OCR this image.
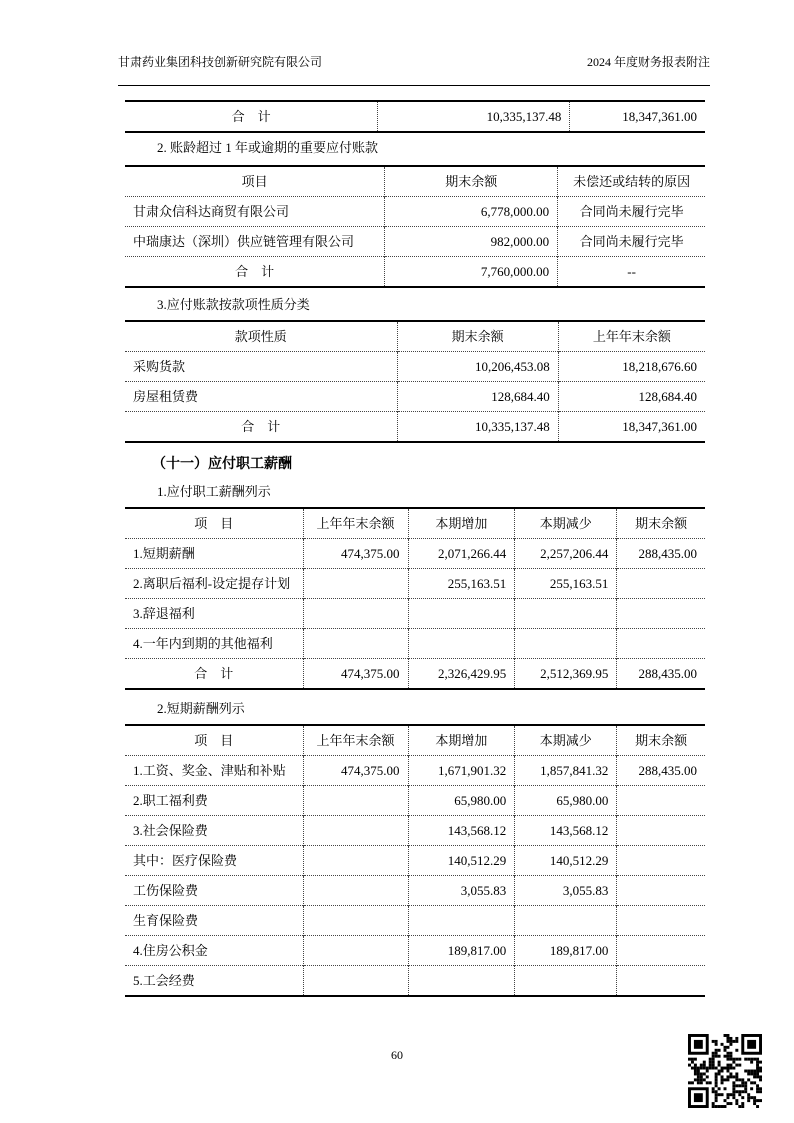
甘肃药业集团科技创新研究院有限公司	2024 年度财务报表附注
合　计	10,335,137.48	18,347,361.00
2. 账龄超过 1 年或逾期的重要应付账款
项目	期末余额	未偿还或结转的原因
甘肃众信科达商贸有限公司	6,778,000.00	合同尚未履行完毕
中瑞康达（深圳）供应链管理有限公司	982,000.00	合同尚未履行完毕
合　计	7,760,000.00	--
3.应付账款按款项性质分类
款项性质	期末余额	上年年末余额
采购货款	10,206,453.08	18,218,676.60
房屋租赁费	128,684.40	128,684.40
合　计	10,335,137.48	18,347,361.00
（十一）应付职工薪酬
1.应付职工薪酬列示
项　目	上年年末余额	本期增加	本期减少	期末余额
1.短期薪酬	474,375.00	2,071,266.44	2,257,206.44	288,435.00
2.离职后福利-设定提存计划		255,163.51	255,163.51	
3.辞退福利				
4.一年内到期的其他福利				
合　计	474,375.00	2,326,429.95	2,512,369.95	288,435.00
2.短期薪酬列示
项　目	上年年末余额	本期增加	本期减少	期末余额
1.工资、奖金、津贴和补贴	474,375.00	1,671,901.32	1,857,841.32	288,435.00
2.职工福利费		65,980.00	65,980.00	
3.社会保险费		143,568.12	143,568.12	
其中：医疗保险费		140,512.29	140,512.29	
工伤保险费		3,055.83	3,055.83	
生育保险费				
4.住房公积金		189,817.00	189,817.00	
5.工会经费				
60
